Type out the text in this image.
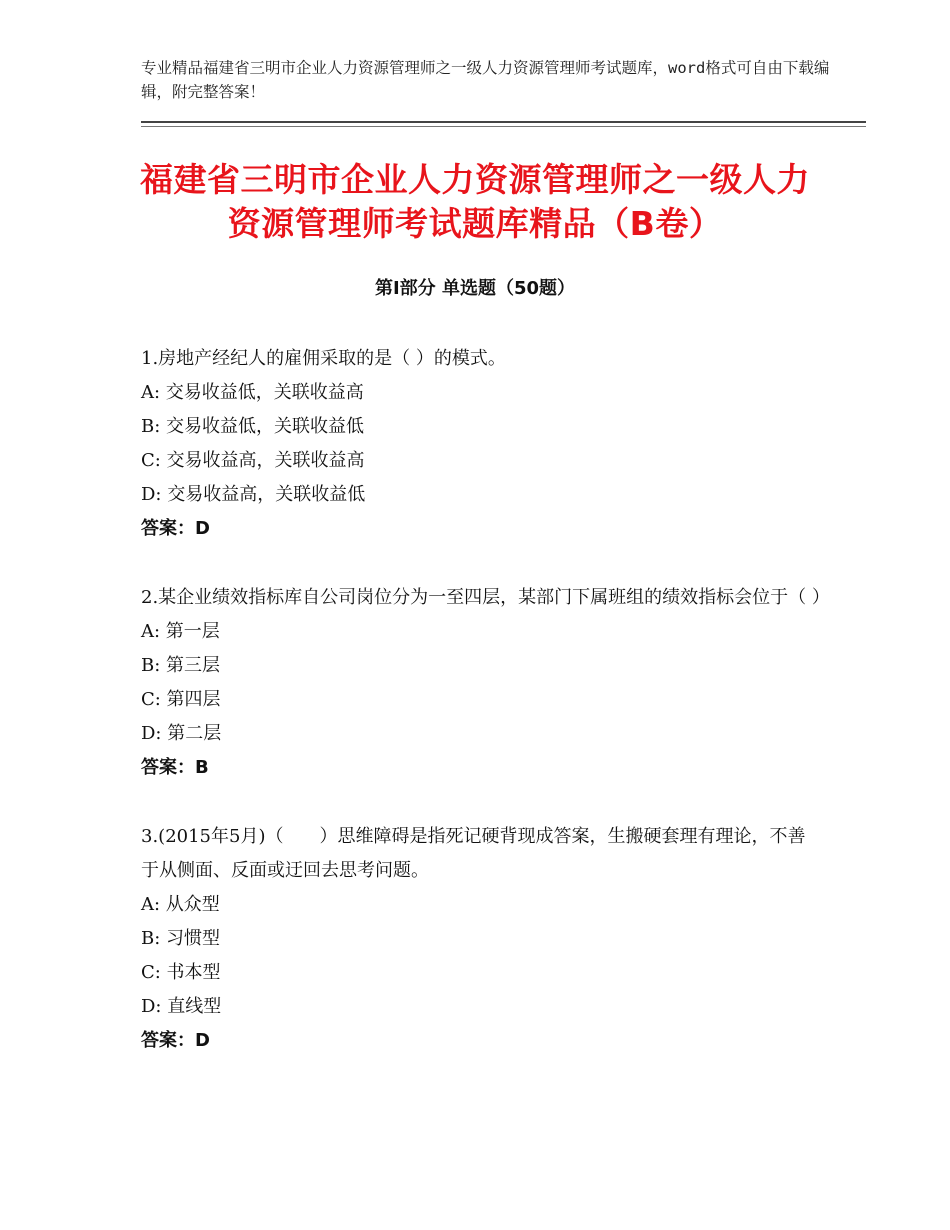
专业精品福建省三明市企业人力资源管理师之一级人力资源管理师考试题库，word格式可自由下载编辑，附完整答案！
福建省三明市企业人力资源管理师之一级人力资源管理师考试题库精品（B卷）
第Ⅰ部分 单选题（50题）
1.房地产经纪人的雇佣采取的是（ ）的模式。
A: 交易收益低，关联收益高
B: 交易收益低，关联收益低
C: 交易收益高，关联收益高
D: 交易收益高，关联收益低
答案：D
2.某企业绩效指标库自公司岗位分为一至四层，某部门下属班组的绩效指标会位于（ ）
A: 第一层
B: 第三层
C: 第四层
D: 第二层
答案：B
3.(2015年5月)（　　）思维障碍是指死记硬背现成答案，生搬硬套理有理论，不善于从侧面、反面或迂回去思考问题。
A: 从众型
B: 习惯型
C: 书本型
D: 直线型
答案：D
